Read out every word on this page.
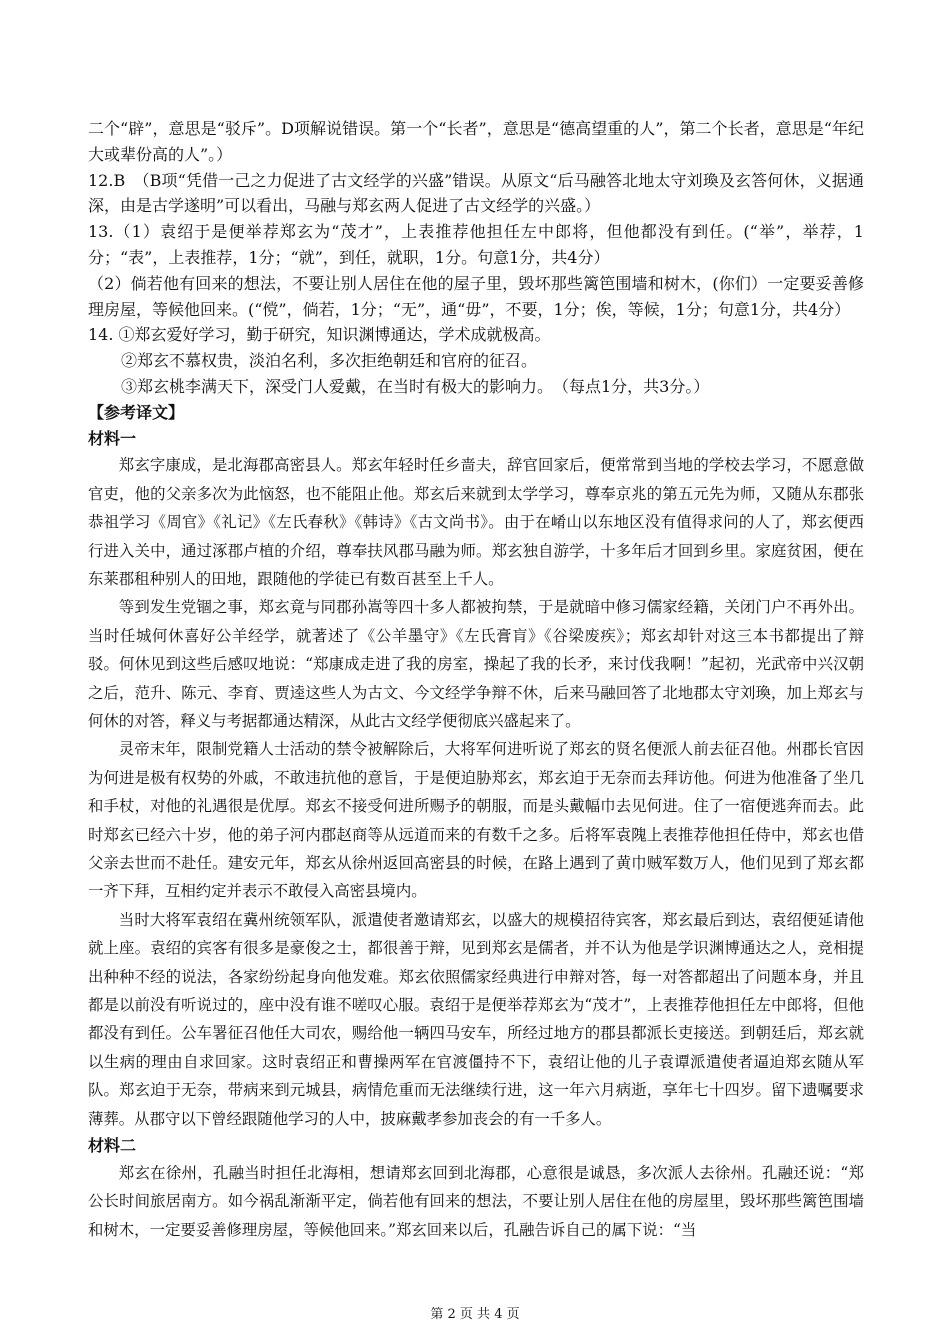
二个“辟”，意思是“驳斥”。D项解说错误。第一个“长者”，意思是“德高望重的人”，第二个长者，意思是“年纪大或辈份高的人”。）

12.B　（B项“凭借一己之力促进了古文经学的兴盛”错误。从原文“后马融答北地太守刘瑍及玄答何休，义据通深，由是古学遂明”可以看出，马融与郑玄两人促进了古文经学的兴盛。）

13.（1）袁绍于是便举荐郑玄为“茂才”，上表推荐他担任左中郎将，但他都没有到任。(“举”，举荐，1分；“表”，上表推荐，1分；“就”，到任，就职，1分。句意1分，共4分）

（2）倘若他有回来的想法，不要让别人居住在他的屋子里，毁坏那些篱笆围墙和树木，(你们）一定要妥善修理房屋，等候他回来。(“傥”，倘若，1分；“无”，通“毋”，不要，1分；俟，等候，1分；句意1分，共4分）

14. ①郑玄爱好学习，勤于研究，知识渊博通达，学术成就极高。

②郑玄不慕权贵，淡泊名利，多次拒绝朝廷和官府的征召。

③郑玄桃李满天下，深受门人爱戴，在当时有极大的影响力。　（每点1分，共3分。）

【参考译文】

材料一

郑玄字康成，是北海郡高密县人。郑玄年轻时任乡啬夫，辞官回家后，便常常到当地的学校去学习，不愿意做官吏，他的父亲多次为此恼怒，也不能阻止他。郑玄后来就到太学学习，尊奉京兆的第五元先为师，又随从东郡张恭祖学习《周官》《礼记》《左氏春秋》《韩诗》《古文尚书》。由于在崤山以东地区没有值得求问的人了，郑玄便西行进入关中，通过涿郡卢植的介绍，尊奉扶风郡马融为师。郑玄独自游学，十多年后才回到乡里。家庭贫困，便在东莱郡租种别人的田地，跟随他的学徒已有数百甚至上千人。

等到发生党锢之事，郑玄竟与同郡孙嵩等四十多人都被拘禁，于是就暗中修习儒家经籍，关闭门户不再外出。当时任城何休喜好公羊经学，就著述了《公羊墨守》《左氏膏肓》《谷梁废疾》；郑玄却针对这三本书都提出了辩驳。何休见到这些后感叹地说：“郑康成走进了我的房室，操起了我的长矛，来讨伐我啊！”起初，光武帝中兴汉朝之后，范升、陈元、李育、贾逵这些人为古文、今文经学争辩不休，后来马融回答了北地郡太守刘瑍，加上郑玄与何休的对答，释义与考据都通达精深，从此古文经学便彻底兴盛起来了。

灵帝末年，限制党籍人士活动的禁令被解除后，大将军何进听说了郑玄的贤名便派人前去征召他。州郡长官因为何进是极有权势的外戚，不敢违抗他的意旨，于是便迫胁郑玄，郑玄迫于无奈而去拜访他。何进为他准备了坐几和手杖，对他的礼遇很是优厚。郑玄不接受何进所赐予的朝服，而是头戴幅巾去见何进。住了一宿便逃奔而去。此时郑玄已经六十岁，他的弟子河内郡赵商等从远道而来的有数千之多。后将军袁隗上表推荐他担任侍中，郑玄也借父亲去世而不赴任。建安元年，郑玄从徐州返回高密县的时候，在路上遇到了黄巾贼军数万人，他们见到了郑玄都一齐下拜，互相约定并表示不敢侵入高密县境内。

当时大将军袁绍在冀州统领军队，派遣使者邀请郑玄，以盛大的规模招待宾客，郑玄最后到达，袁绍便延请他就上座。袁绍的宾客有很多是豪俊之士，都很善于辩，见到郑玄是儒者，并不认为他是学识渊博通达之人，竞相提出种种不经的说法，各家纷纷起身向他发难。郑玄依照儒家经典进行申辩对答，每一对答都超出了问题本身，并且都是以前没有听说过的，座中没有谁不嗟叹心服。袁绍于是便举荐郑玄为“茂才”，上表推荐他担任左中郎将，但他都没有到任。公车署征召他任大司农，赐给他一辆四马安车，所经过地方的郡县都派长吏接送。到朝廷后，郑玄就以生病的理由自求回家。这时袁绍正和曹操两军在官渡僵持不下，袁绍让他的儿子袁谭派遣使者逼迫郑玄随从军队。郑玄迫于无奈，带病来到元城县，病情危重而无法继续行进，这一年六月病逝，享年七十四岁。留下遗嘱要求薄葬。从郡守以下曾经跟随他学习的人中，披麻戴孝参加丧会的有一千多人。

材料二

郑玄在徐州，孔融当时担任北海相，想请郑玄回到北海郡，心意很是诚恳，多次派人去徐州。孔融还说：“郑公长时间旅居南方。如今祸乱渐渐平定，倘若他有回来的想法，不要让别人居住在他的房屋里，毁坏那些篱笆围墙和树木，一定要妥善修理房屋，等候他回来。”郑玄回来以后，孔融告诉自己的属下说：“当

第 2 页 共 4 页
